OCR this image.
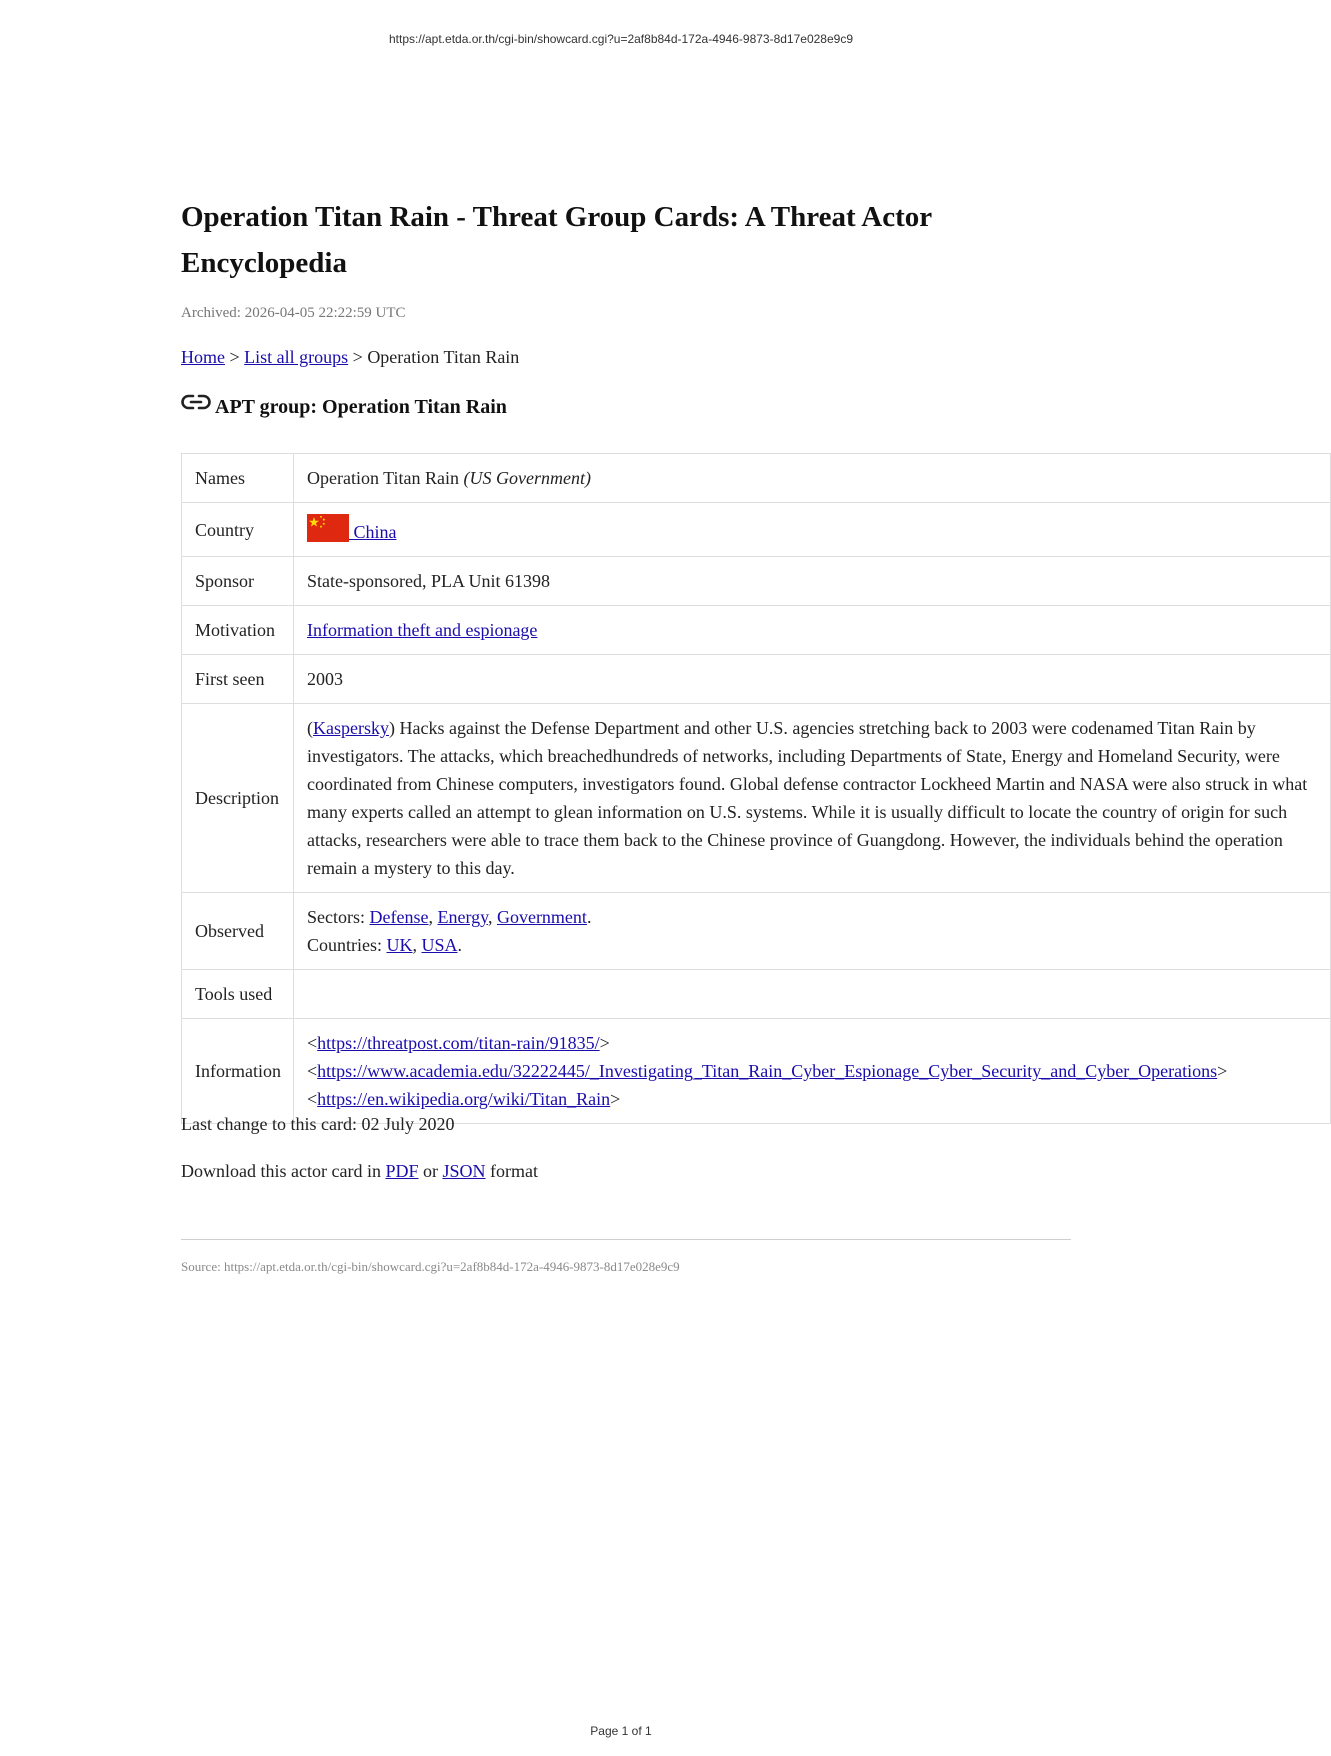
https://apt.etda.or.th/cgi-bin/showcard.cgi?u=2af8b84d-172a-4946-9873-8d17e028e9c9
Operation Titan Rain - Threat Group Cards: A Threat Actor Encyclopedia
Archived: 2026-04-05 22:22:59 UTC
Home > List all groups > Operation Titan Rain
APT group: Operation Titan Rain
Names	Operation Titan Rain (US Government)
Country	China
Sponsor	State-sponsored, PLA Unit 61398
Motivation	Information theft and espionage
First seen	2003
Description	(Kaspersky) Hacks against the Defense Department and other U.S. agencies stretching back to 2003 were codenamed Titan Rain by investigators. The attacks, which breachedhundreds of networks, including Departments of State, Energy and Homeland Security, were coordinated from Chinese computers, investigators found. Global defense contractor Lockheed Martin and NASA were also struck in what many experts called an attempt to glean information on U.S. systems. While it is usually difficult to locate the country of origin for such attacks, researchers were able to trace them back to the Chinese province of Guangdong. However, the individuals behind the operation remain a mystery to this day.
Observed	Sectors: Defense, Energy, Government.
Countries: UK, USA.

Tools used	
Information	<https://threatpost.com/titan-rain/91835/>
<https://www.academia.edu/32222445/_Investigating_Titan_Rain_Cyber_Espionage_Cyber_Security_and_Cyber_Operations>
<https://en.wikipedia.org/wiki/Titan_Rain>
Last change to this card: 02 July 2020
Download this actor card in PDF or JSON format
Source: https://apt.etda.or.th/cgi-bin/showcard.cgi?u=2af8b84d-172a-4946-9873-8d17e028e9c9
Page 1 of 1
